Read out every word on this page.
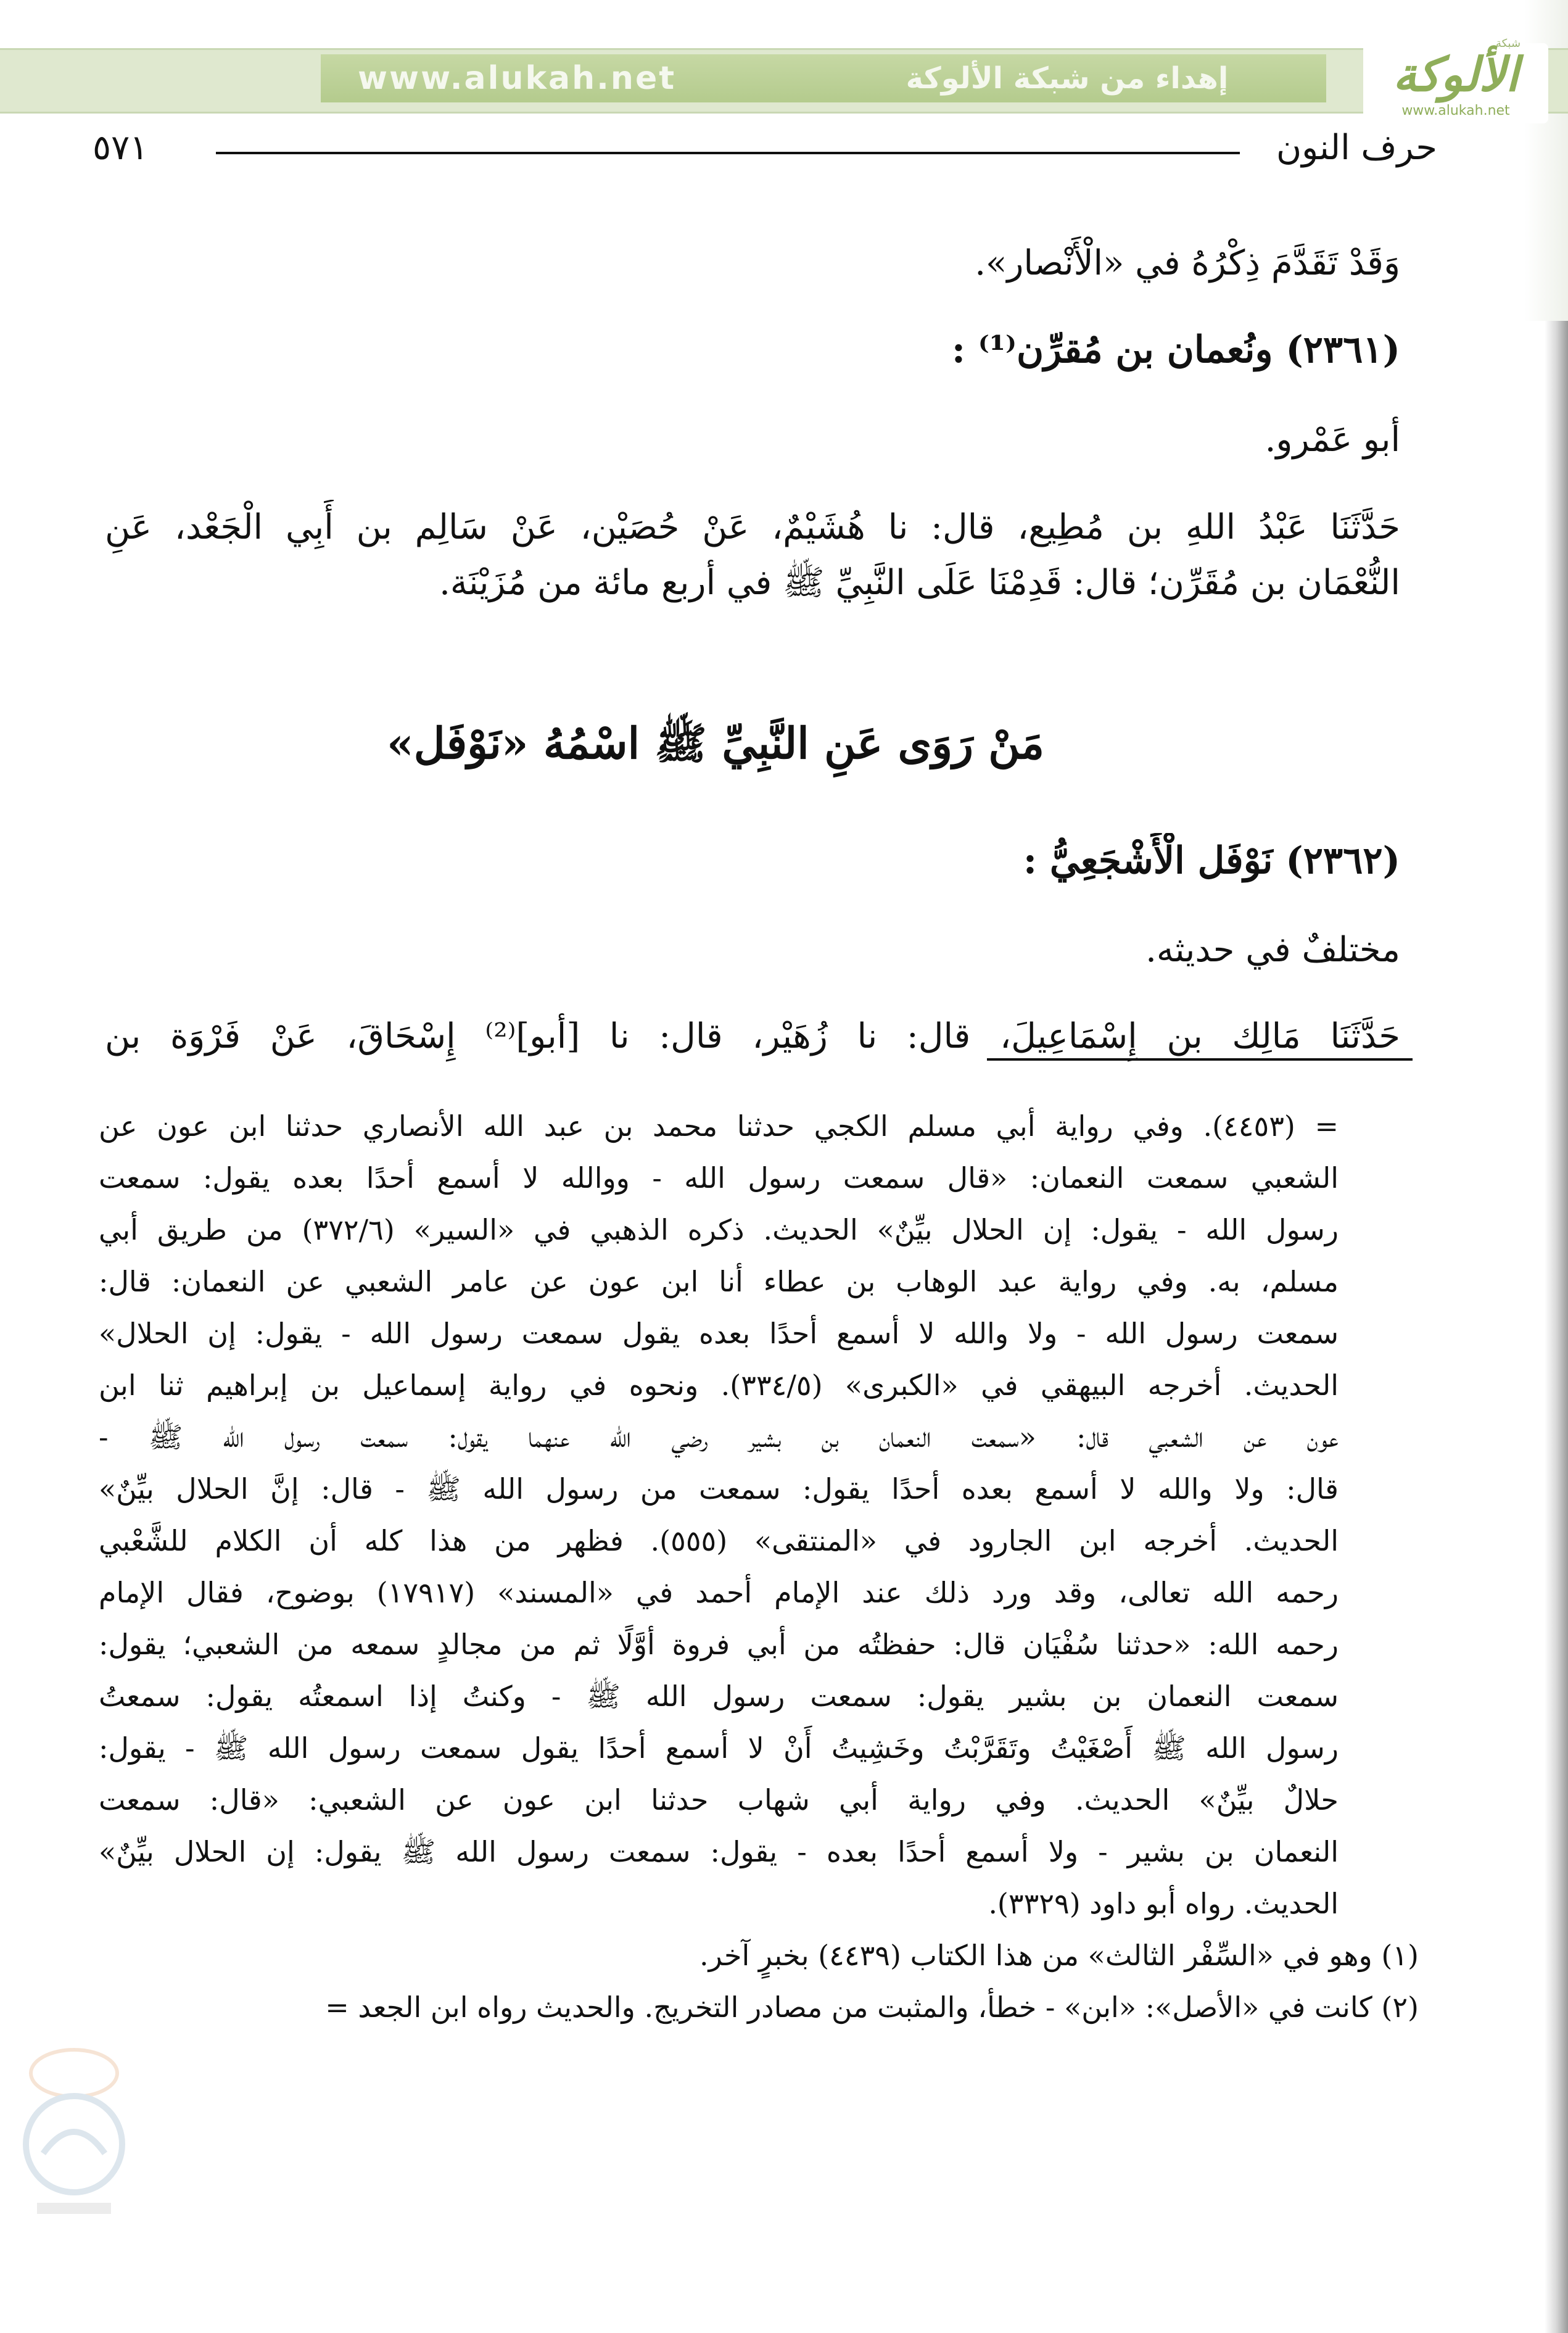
www.alukah.net	إهداء من شبكة الألوكة	الألوكة
www.alukah.net
شبكة
٥٧١	حرف النون
وَقَدْ تَقَدَّمَ ذِكْرُهُ في «الْأَنْصار».
(٢٣٦١) ونُعمان بن مُقرِّن⁽¹⁾ :
أبو عَمْرو.
حَدَّثَنَا عَبْدُ اللهِ بن مُطِيع، قال: نا هُشَيْمٌ، عَنْ حُصَيْن، عَنْ سَالِم بن أَبِي الْجَعْد، عَنِ
النُّعْمَان بن مُقَرِّن؛ قال: قَدِمْنَا عَلَى النَّبِيِّ ﷺ في أربع مائة من مُزَيْنَة.
مَنْ رَوَى عَنِ النَّبِيِّ ﷺ اسْمُهُ «نَوْفَل»
(٢٣٦٢) نَوْفَل الْأَشْجَعِيُّ :
مختلفٌ في حديثه.
حَدَّثَنَا مَالِك بن إِسْمَاعِيلَ، قال: نا زُهَيْر، قال: نا [أبو]⁽²⁾ إِسْحَاقَ، عَنْ فَرْوَة بن
= (٤٤٥٣). وفي رواية أبي مسلم الكجي حدثنا محمد بن عبد الله الأنصاري حدثنا ابن عون عن
الشعبي سمعت النعمان: «قال سمعت رسول الله - ووالله لا أسمع أحدًا بعده يقول: سمعت
رسول الله - يقول: إن الحلال بيِّنٌ» الحديث. ذكره الذهبي في «السير» (٣٧٢/٦) من طريق أبي
مسلم، به. وفي رواية عبد الوهاب بن عطاء أنا ابن عون عن عامر الشعبي عن النعمان: قال:
سمعت رسول الله - ولا والله لا أسمع أحدًا بعده يقول سمعت رسول الله - يقول: إن الحلال»
الحديث. أخرجه البيهقي في «الكبرى» (٣٣٤/٥). ونحوه في رواية إسماعيل بن إبراهيم ثنا ابن
عون عن الشعبي قال: «سمعت النعمان بن بشير رضي الله عنهما يقول: سمعت رسول الله ﷺ -
قال: ولا والله لا أسمع بعده أحدًا يقول: سمعت من رسول الله ﷺ - قال: إنَّ الحلال بيِّنٌ»
الحديث. أخرجه ابن الجارود في «المنتقى» (٥٥٥). فظهر من هذا كله أن الكلام للشَّعْبي
رحمه الله تعالى، وقد ورد ذلك عند الإمام أحمد في «المسند» (١٧٩١٧) بوضوح، فقال الإمام
رحمه الله: «حدثنا سُفْيَان قال: حفظتُه من أبي فروة أوَّلًا ثم من مجالدٍ سمعه من الشعبي؛ يقول:
سمعت النعمان بن بشير يقول: سمعت رسول الله ﷺ - وكنتُ إذا اسمعتُه يقول: سمعتُ
رسول الله ﷺ أَصْغَيْتُ وتَقَرَّبْتُ وخَشِيتُ أَنْ لا أسمع أحدًا يقول سمعت رسول الله ﷺ - يقول:
حلالٌ بيِّنٌ» الحديث. وفي رواية أبي شهاب حدثنا ابن عون عن الشعبي: «قال: سمعت
النعمان بن بشير - ولا أسمع أحدًا بعده - يقول: سمعت رسول الله ﷺ يقول: إن الحلال بيِّنٌ»
الحديث. رواه أبو داود (٣٣٢٩).
(١) وهو في «السِّفْر الثالث» من هذا الكتاب (٤٤٣٩) بخبرٍ آخر.
(٢) كانت في «الأصل»: «ابن» - خطأ، والمثبت من مصادر التخريج. والحديث رواه ابن الجعد =
